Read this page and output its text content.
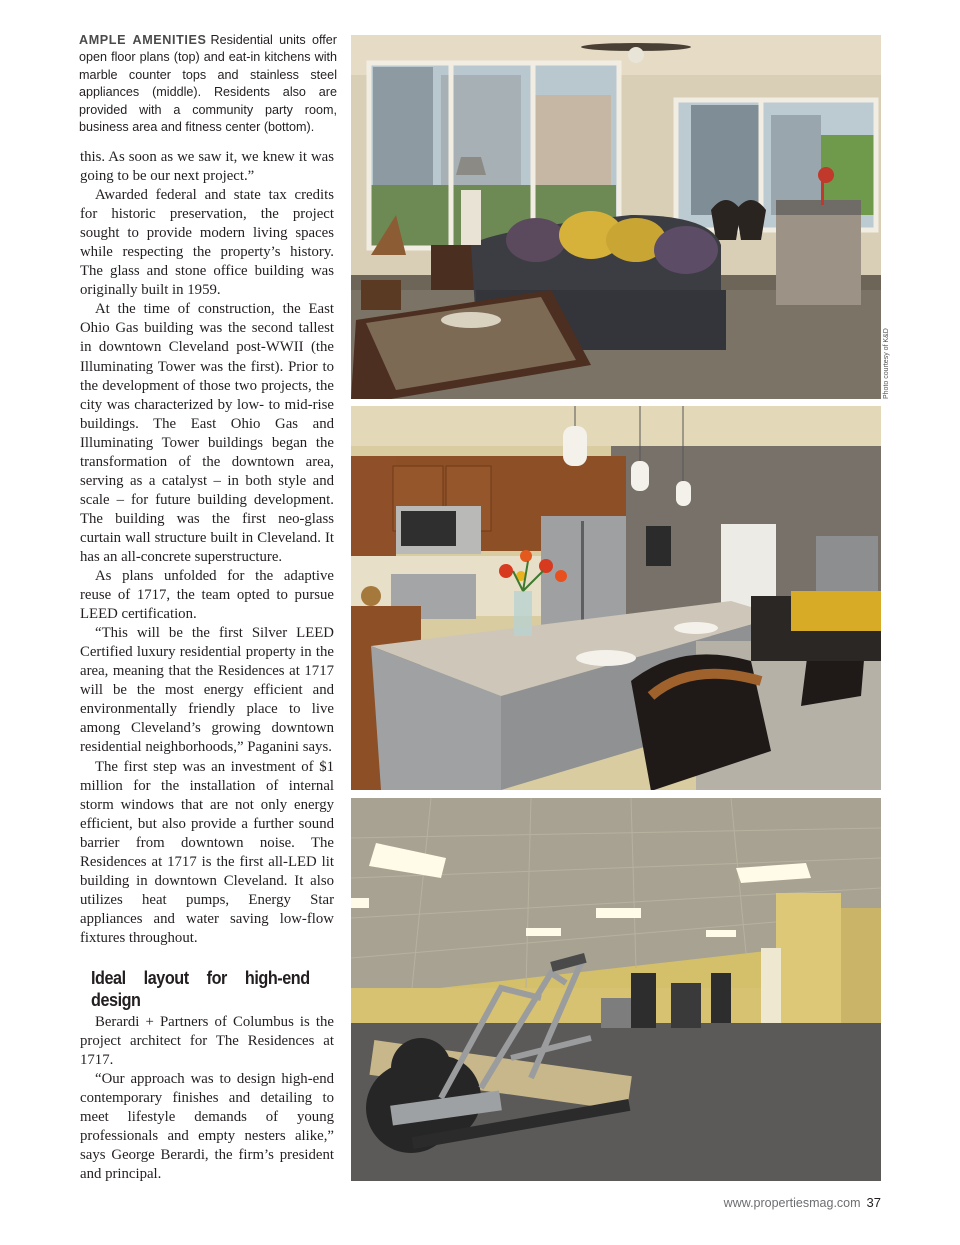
AMPLE AMENITIES Residential units offer open floor plans (top) and eat-in kitchens with marble counter tops and stainless steel appliances (middle). Residents also are provided with a community party room, business area and fitness center (bottom).

this. As soon as we saw it, we knew it was going to be our next project.”

Awarded federal and state tax credits for historic preservation, the project sought to provide modern living spaces while respecting the property’s history. The glass and stone office building was originally built in 1959.

At the time of construction, the East Ohio Gas building was the second tallest in downtown Cleveland post-WWII (the Illuminating Tower was the first). Prior to the development of those two projects, the city was characterized by low- to mid-rise buildings. The East Ohio Gas and Illuminating Tower buildings began the transformation of the downtown area, serving as a catalyst – in both style and scale – for future building development. The building was the first neo-glass curtain wall structure built in Cleveland. It has an all-concrete superstructure.

As plans unfolded for the adaptive reuse of 1717, the team opted to pursue LEED certification.

“This will be the first Silver LEED Certified luxury residential property in the area, meaning that the Residences at 1717 will be the most energy efficient and environmentally friendly place to live among Cleveland’s growing downtown residential neighborhoods,” Paganini says.

The first step was an investment of $1 million for the installation of internal storm windows that are not only energy efficient, but also provide a further sound barrier from downtown noise. The Residences at 1717 is the first all-LED lit building in downtown Cleveland. It also utilizes heat pumps, Energy Star appliances and water saving low-flow fixtures throughout.

Ideal layout for high-end design

Berardi + Partners of Columbus is the project architect for The Residences at 1717.

“Our approach was to design high-end contemporary finishes and detailing to meet lifestyle demands of young professionals and empty nesters alike,” says George Berardi, the firm’s president and principal.

Photo courtesy of K&D
www.propertiesmag.com 37
